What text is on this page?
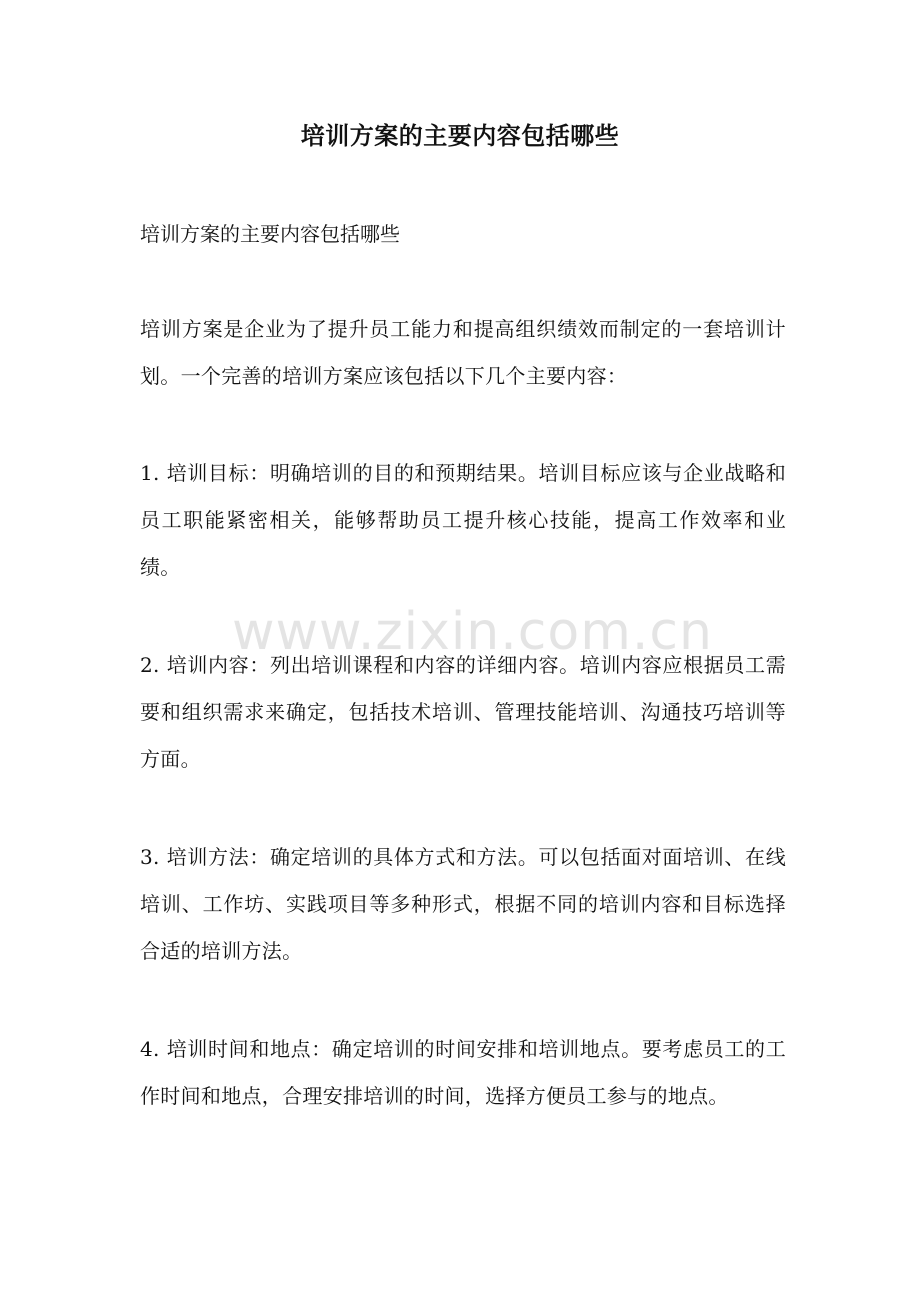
www.zixin.com.cn
培训方案的主要内容包括哪些
培训方案的主要内容包括哪些

培训方案是企业为了提升员工能力和提高组织绩效而制定的一套培训计划。一个完善的培训方案应该包括以下几个主要内容：

1. 培训目标：明确培训的目的和预期结果。培训目标应该与企业战略和员工职能紧密相关，能够帮助员工提升核心技能，提高工作效率和业绩。

2. 培训内容：列出培训课程和内容的详细内容。培训内容应根据员工需要和组织需求来确定，包括技术培训、管理技能培训、沟通技巧培训等方面。

3. 培训方法：确定培训的具体方式和方法。可以包括面对面培训、在线培训、工作坊、实践项目等多种形式，根据不同的培训内容和目标选择合适的培训方法。

4. 培训时间和地点：确定培训的时间安排和培训地点。要考虑员工的工作时间和地点，合理安排培训的时间，选择方便员工参与的地点。
